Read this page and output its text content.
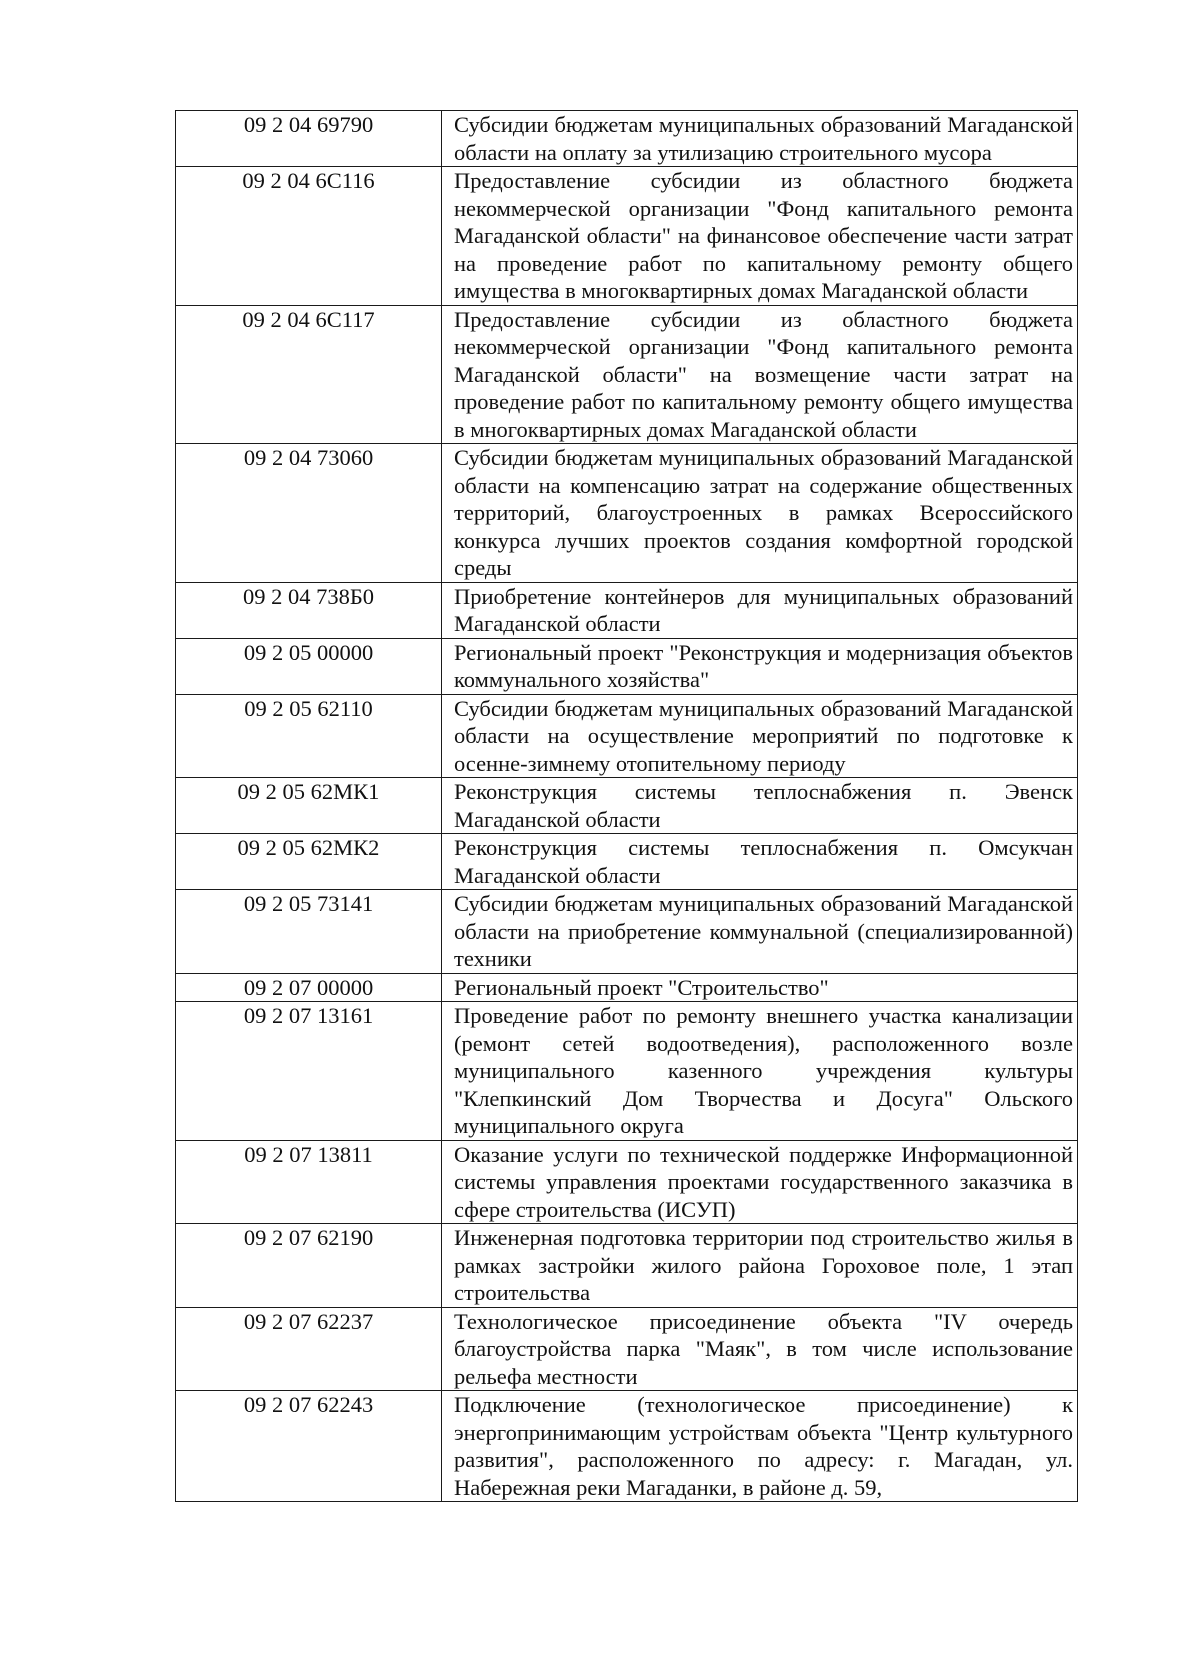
09 2 04 69790	Субсидии бюджетам муниципальных образований Магаданской области на оплату за утилизацию строительного мусора
09 2 04 6С116	Предоставление субсидии из областного бюджета некоммерческой организации "Фонд капитального ремонта Магаданской области" на финансовое обеспечение части затрат на проведение работ по капитальному ремонту общего имущества в многоквартирных домах Магаданской области
09 2 04 6С117	Предоставление субсидии из областного бюджета некоммерческой организации "Фонд капитального ремонта Магаданской области" на возмещение части затрат на проведение работ по капитальному ремонту общего имущества в многоквартирных домах Магаданской области
09 2 04 73060	Субсидии бюджетам муниципальных образований Магаданской области на компенсацию затрат на содержание общественных территорий, благоустроенных в рамках Всероссийского конкурса лучших проектов создания комфортной городской среды
09 2 04 738Б0	Приобретение контейнеров для муниципальных образований Магаданской области
09 2 05 00000	Региональный проект "Реконструкция и модернизация объектов коммунального хозяйства"
09 2 05 62110	Субсидии бюджетам муниципальных образований Магаданской области на осуществление мероприятий по подготовке к осенне-зимнему отопительному периоду
09 2 05 62МК1	Реконструкция системы теплоснабжения п. Эвенск Магаданской области
09 2 05 62МК2	Реконструкция системы теплоснабжения п. Омсукчан Магаданской области
09 2 05 73141	Субсидии бюджетам муниципальных образований Магаданской области на приобретение коммунальной (специализированной) техники
09 2 07 00000	Региональный проект "Строительство"
09 2 07 13161	Проведение работ по ремонту внешнего участка канализации (ремонт сетей водоотведения), расположенного возле муниципального казенного учреждения культуры "Клепкинский Дом Творчества и Досуга" Ольского муниципального округа
09 2 07 13811	Оказание услуги по технической поддержке Информационной системы управления проектами государственного заказчика в сфере строительства (ИСУП)
09 2 07 62190	Инженерная подготовка территории под строительство жилья в рамках застройки жилого района Гороховое поле, 1 этап строительства
09 2 07 62237	Технологическое присоединение объекта "IV очередь благоустройства парка "Маяк", в том числе использование рельефа местности
09 2 07 62243	Подключение (технологическое присоединение) к энергопринимающим устройствам объекта "Центр культурного развития", расположенного по адресу: г. Магадан, ул. Набережная реки Магаданки, в районе д. 59,
